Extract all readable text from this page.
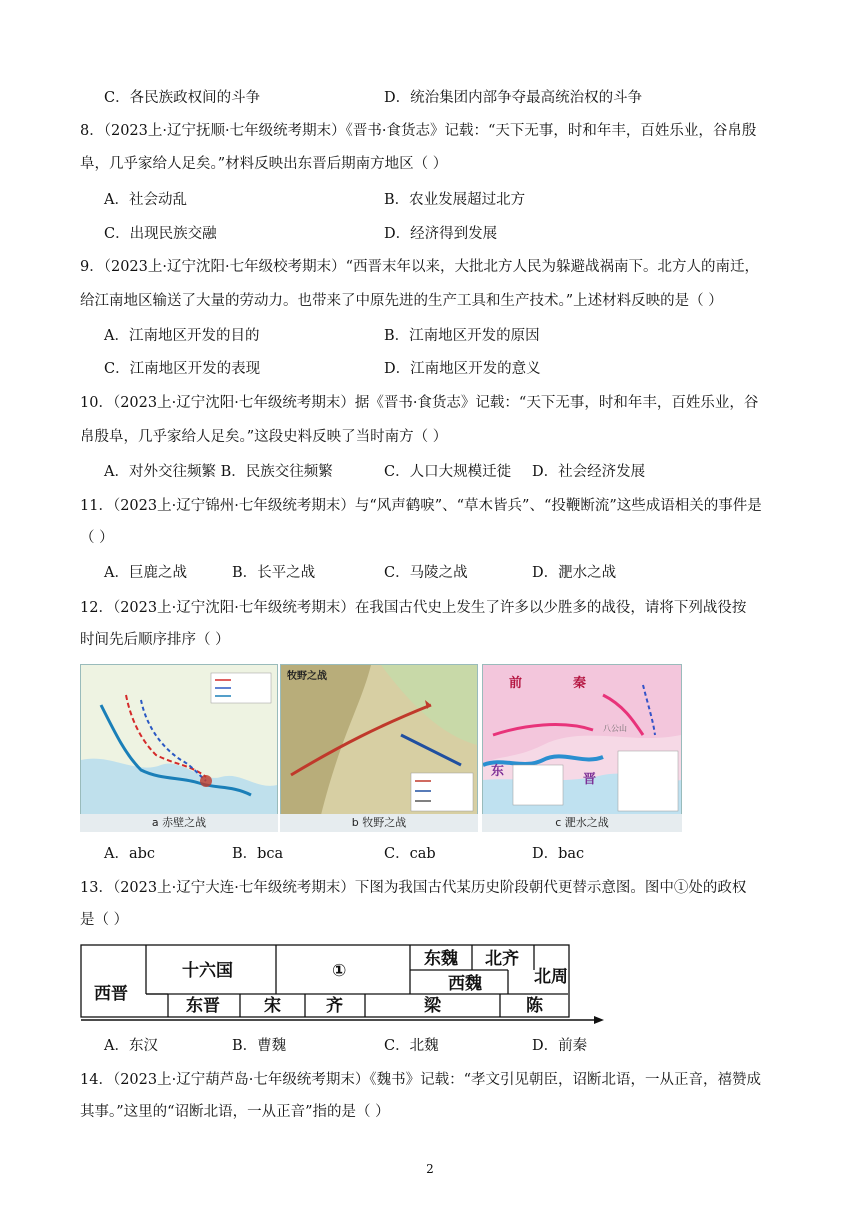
C．各民族政权间的斗争	D．统治集团内部争夺最高统治权的斗争
8．（2023上·辽宁抚顺·七年级统考期末）《晋书·食货志》记载：“天下无事，时和年丰，百姓乐业，谷帛殷
阜，几乎家给人足矣。”材料反映出东晋后期南方地区（ ）
A．社会动乱	B．农业发展超过北方
C．出现民族交融	D．经济得到发展
9．（2023上·辽宁沈阳·七年级校考期末）“西晋末年以来，大批北方人民为躲避战祸南下。北方人的南迁，
给江南地区输送了大量的劳动力。也带来了中原先进的生产工具和生产技术。”上述材料反映的是（ ）
A．江南地区开发的目的	B．江南地区开发的原因
C．江南地区开发的表现	D．江南地区开发的意义
10．（2023上·辽宁沈阳·七年级统考期末）据《晋书·食货志》记载：“天下无事，时和年丰，百姓乐业，谷
帛殷阜，几乎家给人足矣。”这段史料反映了当时南方（ ）
A．对外交往频繁 B．民族交往频繁	C．人口大规模迁徙 D．社会经济发展
11．（2023上·辽宁锦州·七年级统考期末）与“风声鹤唳”、“草木皆兵”、“投鞭断流”这些成语相关的事件是
（ ）
A．巨鹿之战	B．长平之战	C．马陵之战	D．淝水之战
12．（2023上·辽宁沈阳·七年级统考期末）在我国古代史上发生了许多以少胜多的战役，请将下列战役按
时间先后顺序排序（ ）
a 赤壁之战
牧野之战
b 牧野之战
前	秦
东
晋
八公山
c 淝水之战
A．abc	B．bca	C．cab	D．bac
13．（2023上·辽宁大连·七年级统考期末）下图为我国古代某历史阶段朝代更替示意图。图中①处的政权
是（ ）
西晋
十六国	①
东魏 北齐
西魏	北周
东晋	宋	齐	梁	陈
A．东汉	B．曹魏	C．北魏	D．前秦
14．（2023上·辽宁葫芦岛·七年级统考期末）《魏书》记载：“孝文引见朝臣，诏断北语，一从正音，禧赞成
其事。”这里的“诏断北语，一从正音”指的是（ ）
2
